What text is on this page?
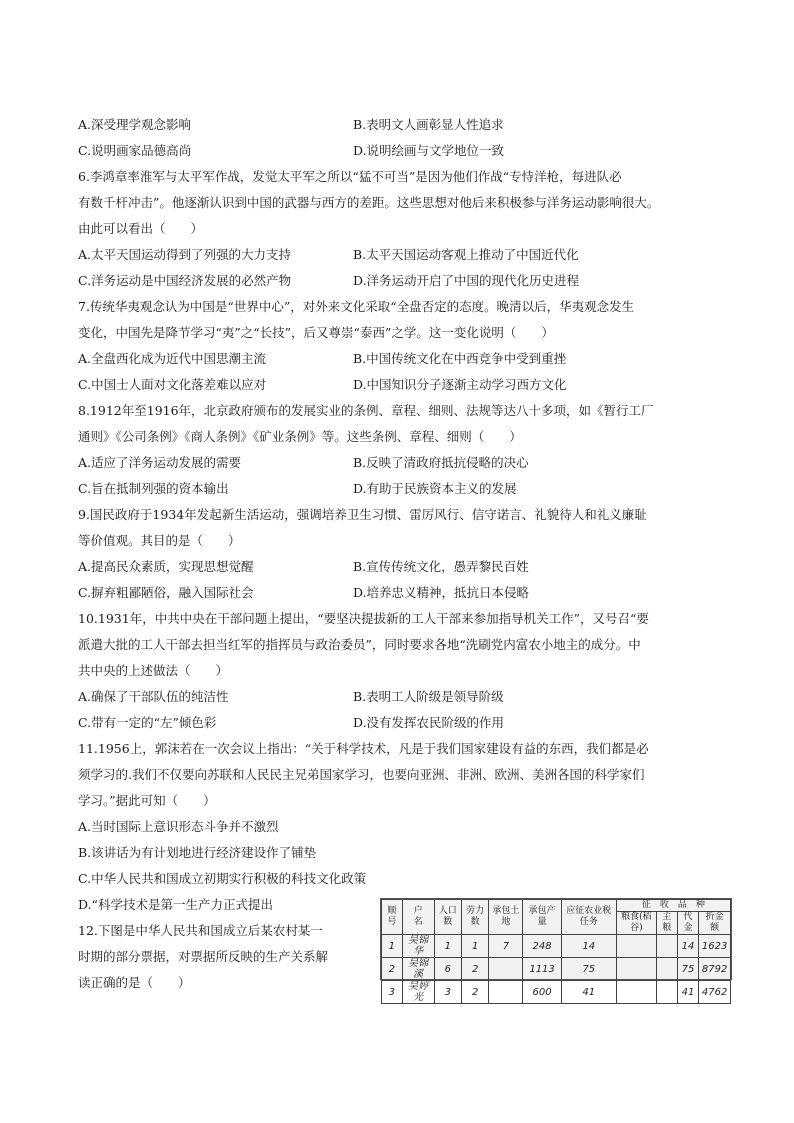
A.深受理学观念影响	B.表明文人画彰显人性追求
C.说明画家品德高尚	D.说明绘画与文学地位一致
6.李鸿章率淮军与太平军作战，发觉太平军之所以“猛不可当”是因为他们作战“专恃洋枪，每进队必
有数千杆冲击”。他逐渐认识到中国的武器与西方的差距。这些思想对他后来积极参与洋务运动影响很大。
由此可以看出（　　）
A.太平天国运动得到了列强的大力支持	B.太平天国运动客观上推动了中国近代化
C.洋务运动是中国经济发展的必然产物	D.洋务运动开启了中国的现代化历史进程
7.传统华夷观念认为中国是“世界中心”，对外来文化采取“全盘否定的态度。晚清以后，华夷观念发生
变化，中国先是降节学习“夷”之“长技”，后又尊崇“泰西”之学。这一变化说明（　　）
A.全盘西化成为近代中国思潮主流	B.中国传统文化在中西竞争中受到重挫
C.中国士人面对文化落差难以应对	D.中国知识分子逐渐主动学习西方文化
8.1912年至1916年，北京政府颁布的发展实业的条例、章程、细则、法规等达八十多项，如《暂行工厂
通则》《公司条例》《商人条例》《矿业条例》等。这些条例、章程、细则（　　）
A.适应了洋务运动发展的需要	B.反映了清政府抵抗侵略的决心
C.旨在抵制列强的资本输出	D.有助于民族资本主义的发展
9.国民政府于1934年发起新生活运动，强调培养卫生习惯、雷厉风行、信守诺言、礼貌待人和礼义廉耻
等价值观。其目的是（　　）
A.提高民众素质，实现思想觉醒	B.宣传传统文化，愚弄黎民百姓
C.摒弃粗鄙陋俗，融入国际社会	D.培养忠义精神，抵抗日本侵略
10.1931年，中共中央在干部问题上提出，“要坚决提拔新的工人干部来参加指导机关工作”，又号召“要
派遣大批的工人干部去担当红军的指挥员与政治委员”，同时要求各地“洗刷党内富农小地主的成分。中
共中央的上述做法（　　）
A.确保了干部队伍的纯洁性	B.表明工人阶级是领导阶级
C.带有一定的“左”倾色彩	D.没有发挥农民阶级的作用
11.1956上，郭沫若在一次会议上指出：“关于科学技术，凡是于我们国家建设有益的东西，我们都是必
须学习的.我们不仅要向苏联和人民民主兄弟国家学习，也要向亚洲、非洲、欧洲、美洲各国的科学家们
学习。”据此可知（　　）
A.当时国际上意识形态斗争并不激烈
B.该讲话为有计划地进行经济建设作了铺垫
C.中华人民共和国成立初期实行积极的科技文化政策
D.“科学技术是第一生产力正式提出
12.下图是中华人民共和国成立后某农村某一
时期的部分票据，对票据所反映的生产关系解
读正确的是（　　）
顺号	户　名	人口数	劳力数	承包土地	承包产量	应征农业税任务	征　收　品　种			
							粮食(稻谷)	主粮	代金	折金额
1	吴锦华	1	1	7	248	14			14	1623
2	吴锦溪	6	2		1113	75			75	8792
3	吴婷光	3	2		600	41			41	4762
